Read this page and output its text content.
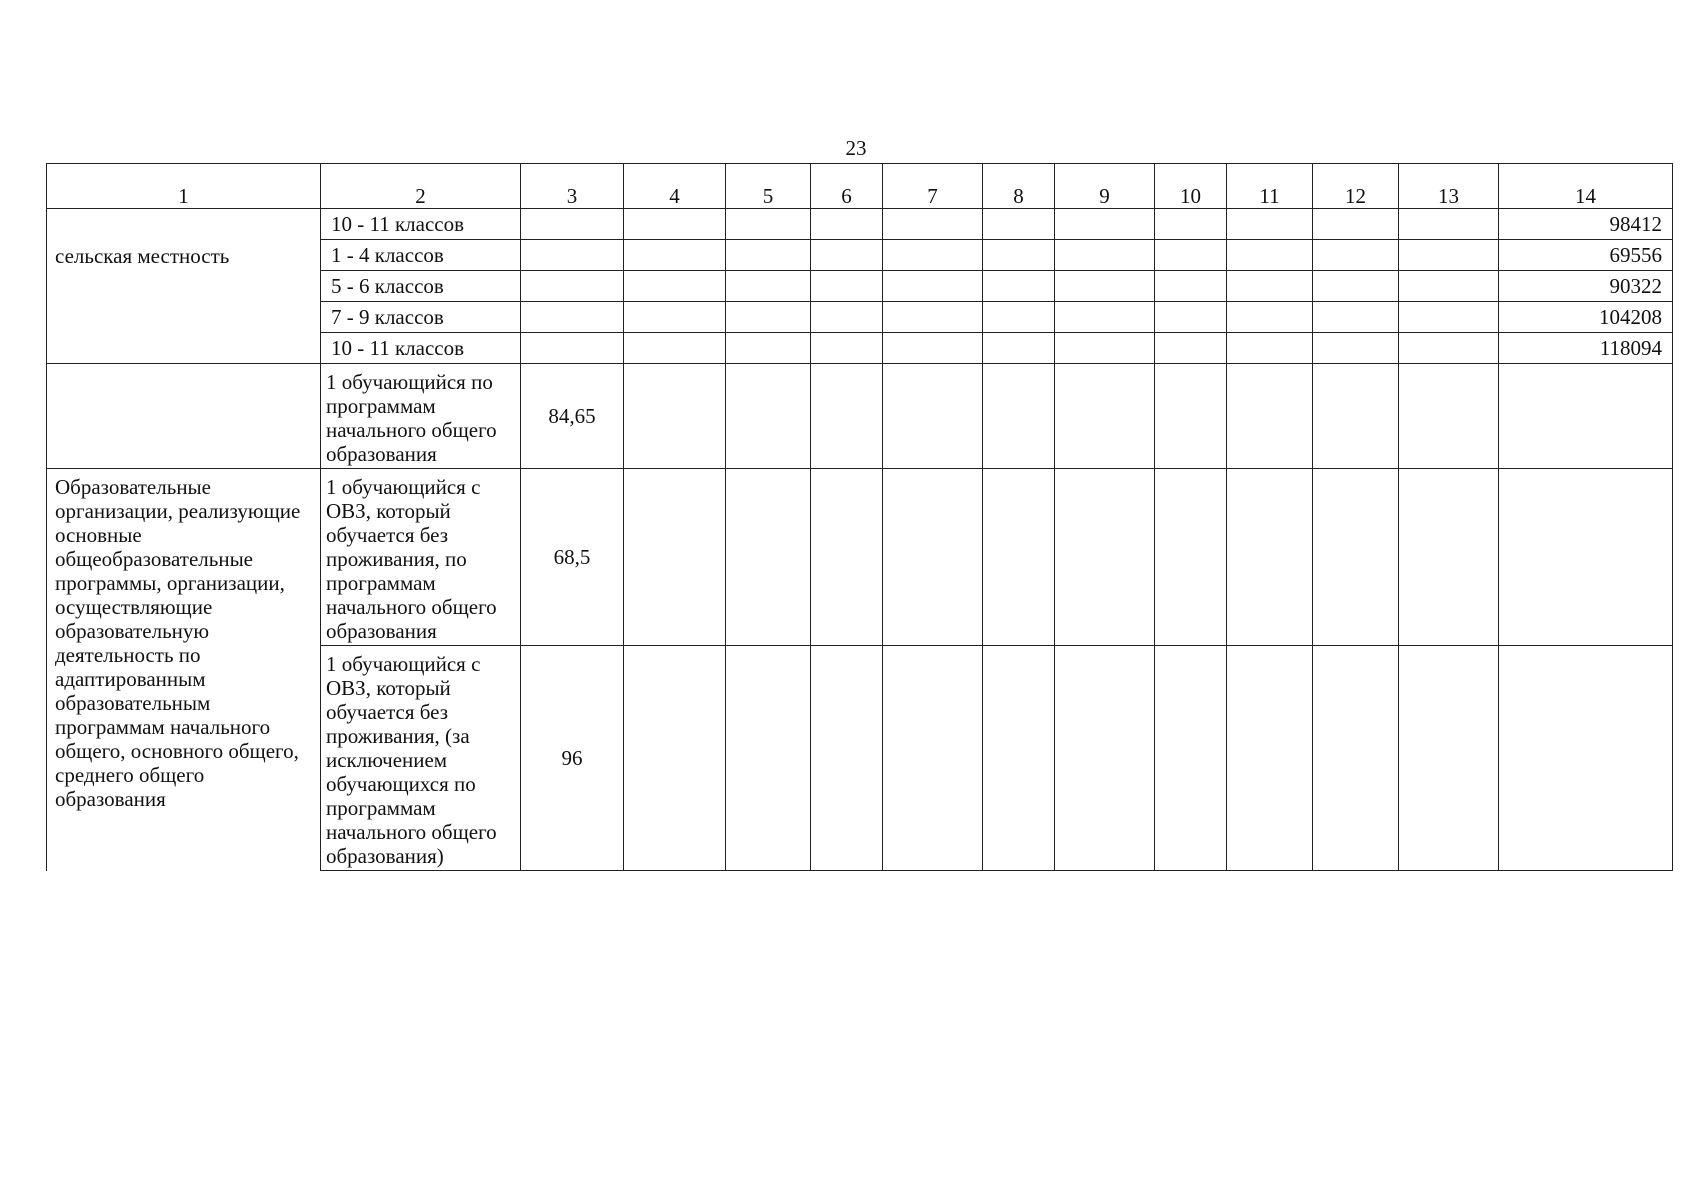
23
1	2	3	4	5	6	7	8	9	10	11	12	13	14
сельская местность	10 - 11 классов												98412
	1 - 4 классов												69556
	5 - 6 классов												90322
	7 - 9 классов												104208
	10 - 11 классов												118094
	1 обучающийся по программам начального общего образования	84,65											
Образовательные организации, реализующие основные общеобразовательные программы, организации, осуществляющие образовательную деятельность по адаптированным образовательным программам начального общего, основного общего, среднего общего образования	1 обучающийся с ОВЗ, который обучается без проживания, по программам начального общего образования	68,5											
	1 обучающийся с ОВЗ, который обучается без проживания, (за исключением обучающихся по программам начального общего образования)	96											
